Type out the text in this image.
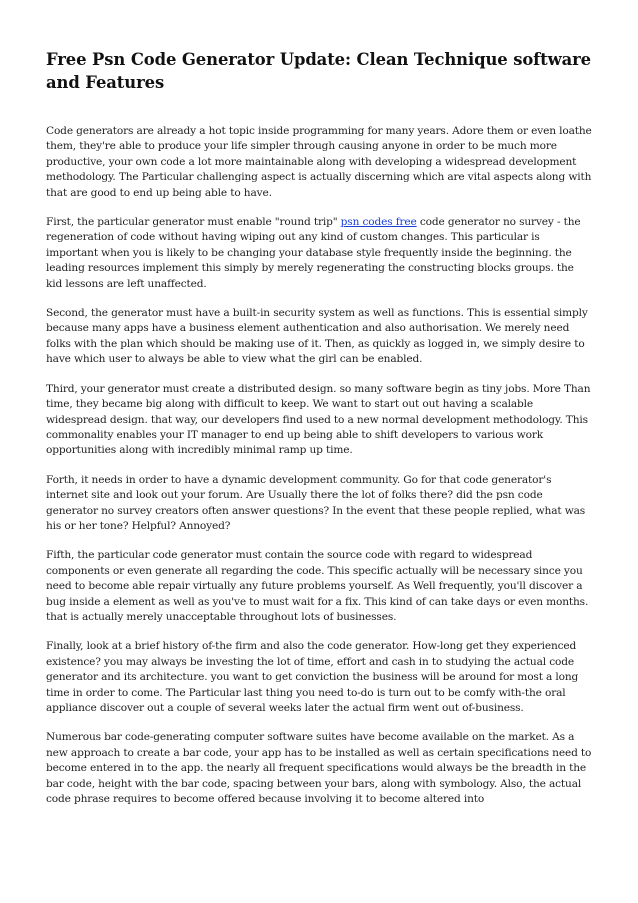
Free Psn Code Generator Update: Clean Technique software and Features

Code generators are already a hot topic inside programming for many years. Adore them or even loathe them, they're able to produce your life simpler through causing anyone in order to be much more productive, your own code a lot more maintainable along with developing a widespread development methodology. The Particular challenging aspect is actually discerning which are vital aspects along with that are good to end up being able to have.

First, the particular generator must enable "round trip" psn codes free code generator no survey - the regeneration of code without having wiping out any kind of custom changes. This particular is important when you is likely to be changing your database style frequently inside the beginning. the leading resources implement this simply by merely regenerating the constructing blocks groups. the kid lessons are left unaffected.

Second, the generator must have a built-in security system as well as functions. This is essential simply because many apps have a business element authentication and also authorisation. We merely need folks with the plan which should be making use of it. Then, as quickly as logged in, we simply desire to have which user to always be able to view what the girl can be enabled.

Third, your generator must create a distributed design. so many software begin as tiny jobs. More Than time, they became big along with difficult to keep. We want to start out out having a scalable widespread design. that way, our developers find used to a new normal development methodology. This commonality enables your IT manager to end up being able to shift developers to various work opportunities along with incredibly minimal ramp up time.

Forth, it needs in order to have a dynamic development community. Go for that code generator's internet site and look out your forum. Are Usually there the lot of folks there? did the psn code generator no survey creators often answer questions? In the event that these people replied, what was his or her tone? Helpful? Annoyed?

Fifth, the particular code generator must contain the source code with regard to widespread components or even generate all regarding the code. This specific actually will be necessary since you need to become able repair virtually any future problems yourself. As Well frequently, you'll discover a bug inside a element as well as you've to must wait for a fix. This kind of can take days or even months. that is actually merely unacceptable throughout lots of businesses.

Finally, look at a brief history of-the firm and also the code generator. How-long get they experienced existence? you may always be investing the lot of time, effort and cash in to studying the actual code generator and its architecture. you want to get conviction the business will be around for most a long time in order to come. The Particular last thing you need to-do is turn out to be comfy with-the oral appliance discover out a couple of several weeks later the actual firm went out of-business.

Numerous bar code-generating computer software suites have become available on the market. As a new approach to create a bar code, your app has to be installed as well as certain specifications need to become entered in to the app. the nearly all frequent specifications would always be the breadth in the bar code, height with the bar code, spacing between your bars, along with symbology. Also, the actual code phrase requires to become offered because involving it to become altered into
